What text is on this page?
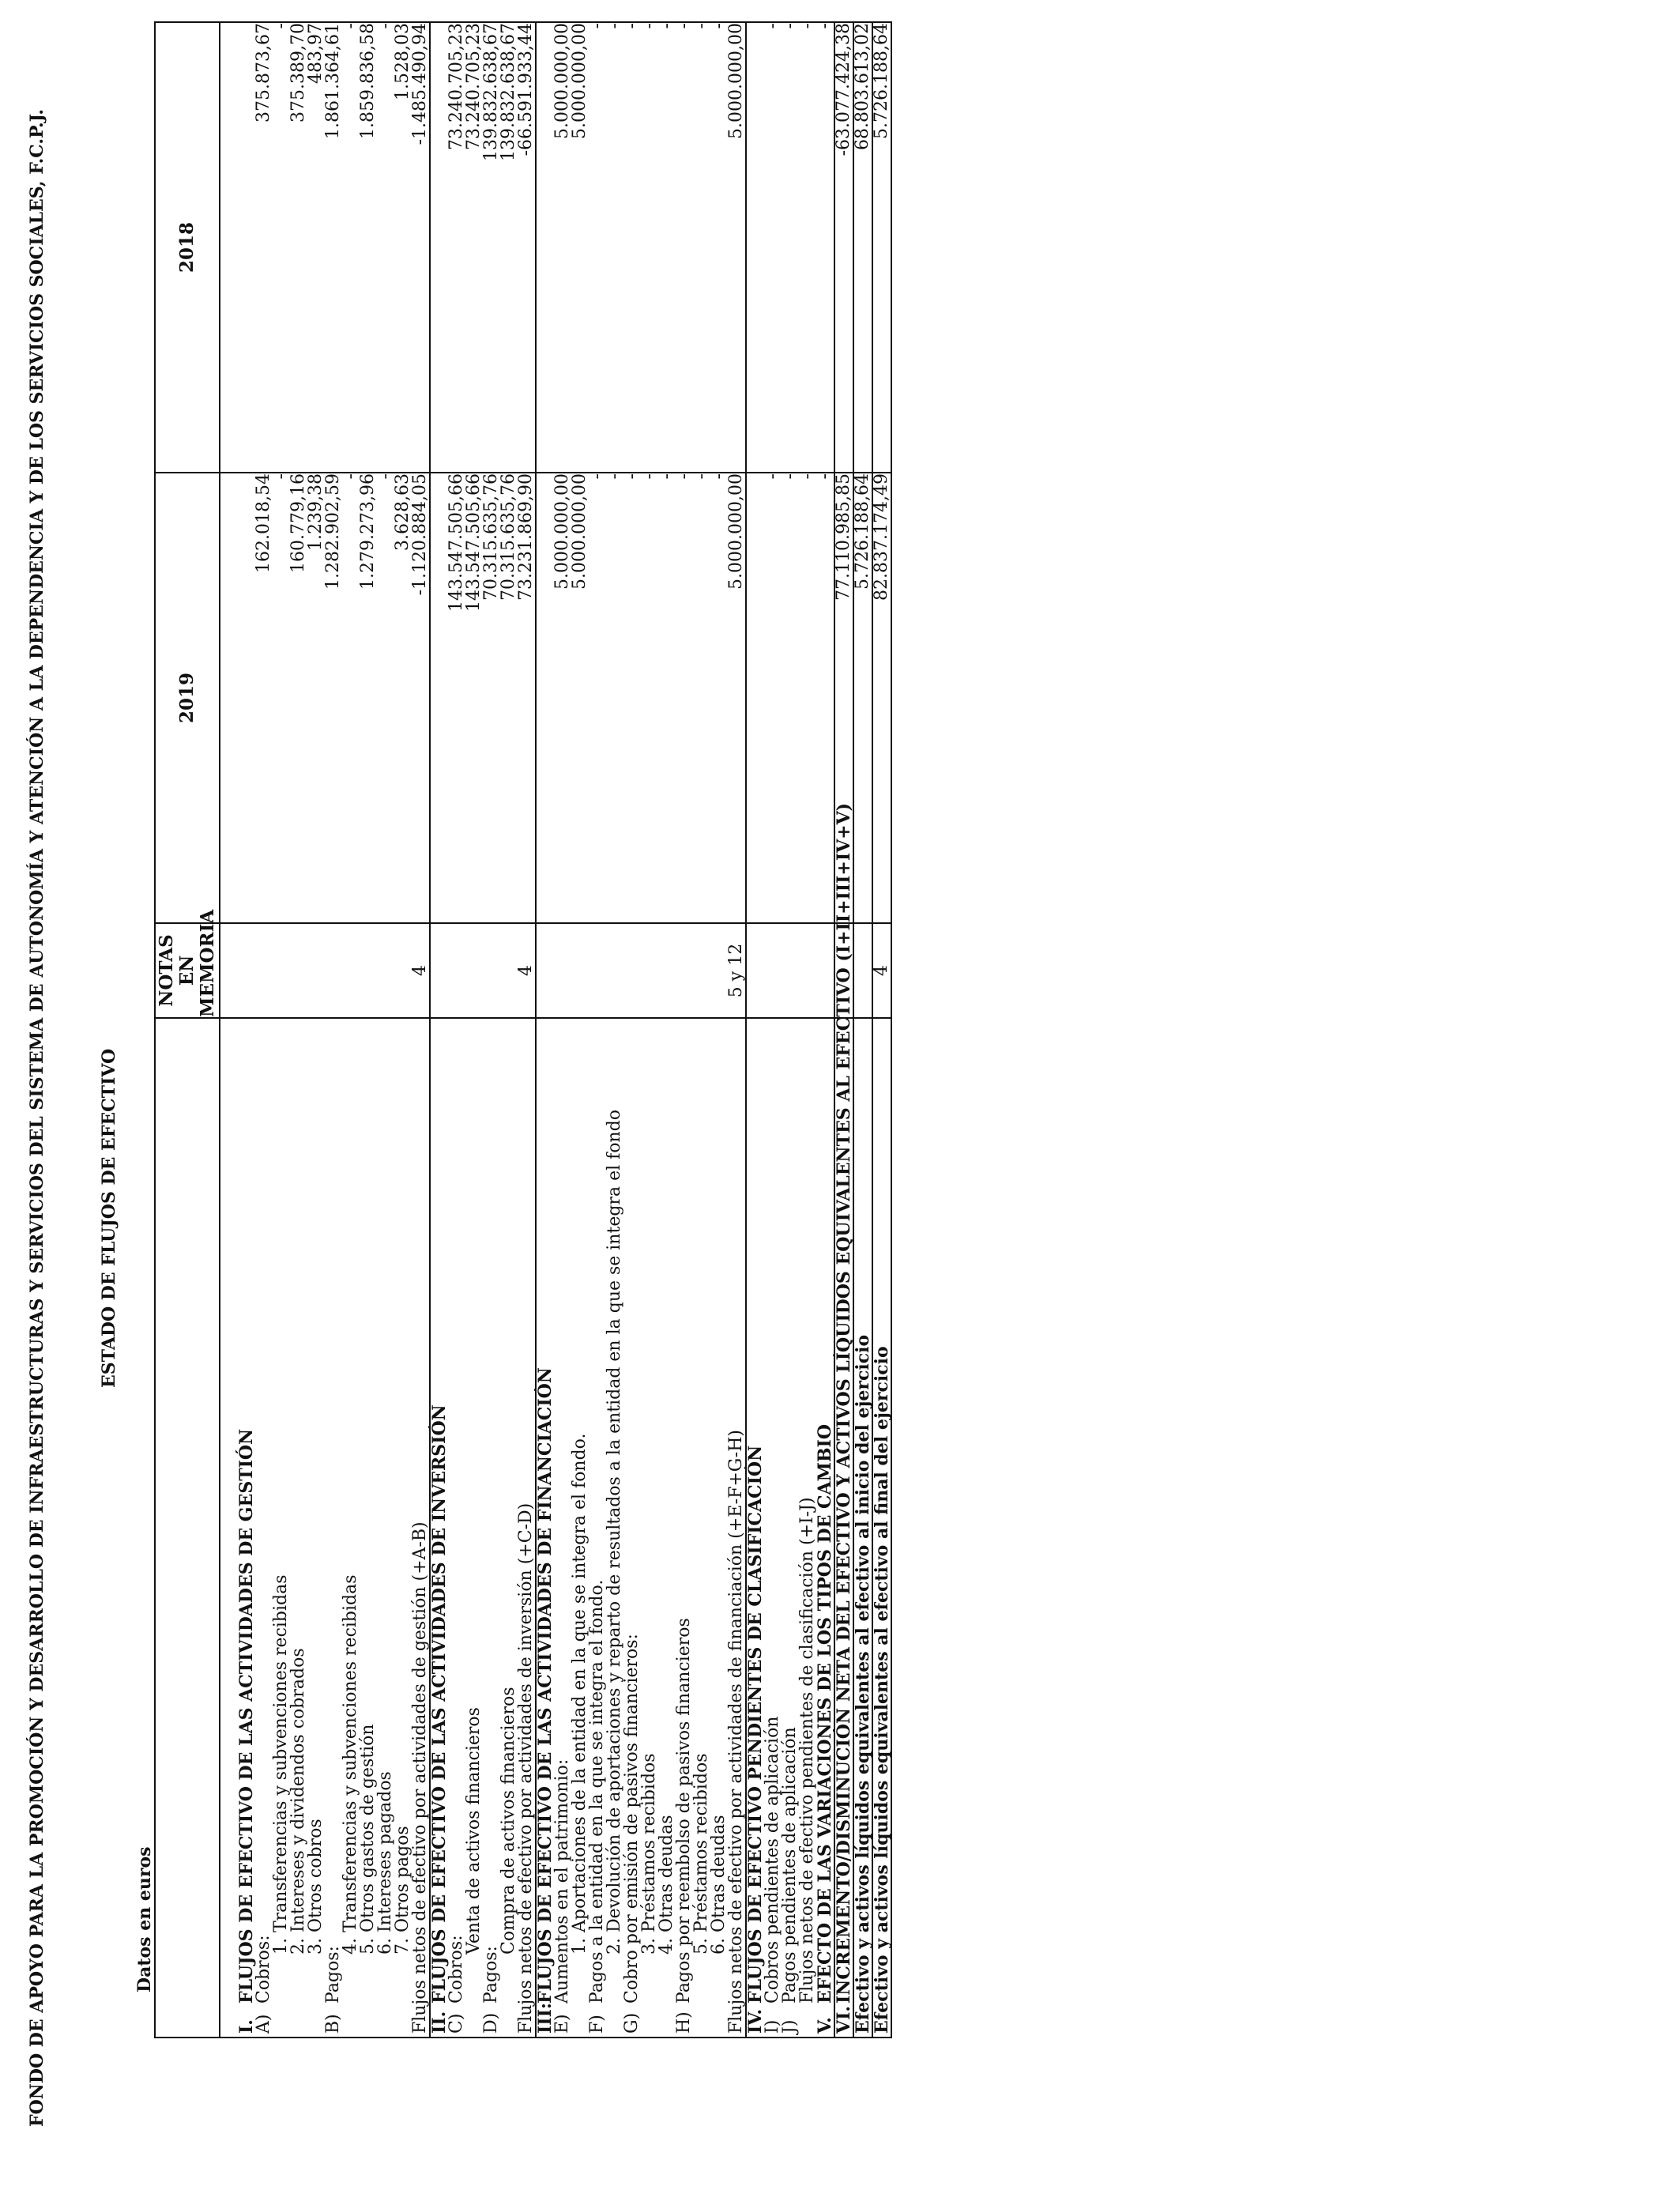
FONDO DE APOYO PARA LA PROMOCIÓN Y DESARROLLO DE INFRAESTRUCTURAS Y SERVICIOS DEL SISTEMA DE AUTONOMÍA Y ATENCIÓN A LA DEPENDENCIA Y DE LOS SERVICIOS SOCIALES, F.C.P.J.	ESTADO DE FLUJOS DE EFECTIVO
Datos en euros
	NOTAS EN MEMORIA	2019	2018

I.FLUJOS DE EFECTIVO DE LAS ACTIVIDADES DE GESTIÓN			
A)Cobros:		162.018,54	375.873,67
1. Transferencias y subvenciones recibidas		-	-
2. Intereses y dividendos cobrados		160.779,16	375.389,70
3. Otros cobros		1.239,38	483,97
B)Pagos:		1.282.902,59	1.861.364,61
4. Transferencias y subvenciones recibidas		-	-
5. Otros gastos de gestión		1.279.273,96	1.859.836,58
6. Intereses pagados		-	-
7. Otros pagos		3.628,63	1.528,03
Flujos netos de efectivo por actividades de gestión (+A-B)	4	-1.120.884,05	-1.485.490,94
II.FLUJOS DE EFECTIVO DE LAS ACTIVIDADES DE INVERSIÓN			
C)Cobros:		143.547.505,66	73.240.705,23
Venta de activos financieros		143.547.505,66	73.240.705,23
D)Pagos:		70.315.635,76	139.832.638,67
Compra de activos financieros		70.315.635,76	139.832.638,67
Flujos netos de efectivo por actividades de inversión (+C-D)	4	73.231.869,90	-66.591.933,44
III:FLUJOS DE EFECTIVO DE LAS ACTIVIDADES DE FINANCIACIÓN			
E)Aumentos en el patrimonio:		5.000.000,00	5.000.000,00
1. Aportaciones de la entidad en la que se integra el fondo.		5.000.000,00	5.000.000,00
F)Pagos a la entidad en la que se integra el fondo.		-	-
2. Devolución de aportaciones y reparto de resultados a la entidad en la que se integra el fondo		-	-
G)Cobro por emisión de pasivos financieros:		-	-
3. Préstamos recibidos		-	-
4. Otras deudas		-	-
H)Pagos por reembolso de pasivos financieros		-	-
5. Préstamos recibidos		-	-
6. Otras deudas		-	-
Flujos netos de efectivo por actividades de financiación (+E-F+G-H)	5 y 12	5.000.000,00	5.000.000,00
IV.FLUJOS DE EFECTIVO PENDIENTES DE CLASIFICACIÓN			
I)Cobros pendientes de aplicación		-	-
J)Pagos pendientes de aplicación		-	-
Flujos netos de efectivo pendientes de clasificación (+I-J)		-	-
V.EFECTO DE LAS VARIACIONES DE LOS TIPOS DE CAMBIO		-	-
VI.INCREMENTO/DISMINUCIÓN NETA DEL EFECTIVO Y ACTIVOS LÍQUIDOS EQUIVALENTES AL EFECTIVO (I+II+III+IV+V)		77.110.985,85	-63.077.424,38
Efectivo y activos líquidos equivalentes al efectivo al inicio del ejercicio		5.726.188,64	68.803.613,02
Efectivo y activos líquidos equivalentes al efectivo al final del ejercicio	4	82.837.174,49	5.726.188,64
